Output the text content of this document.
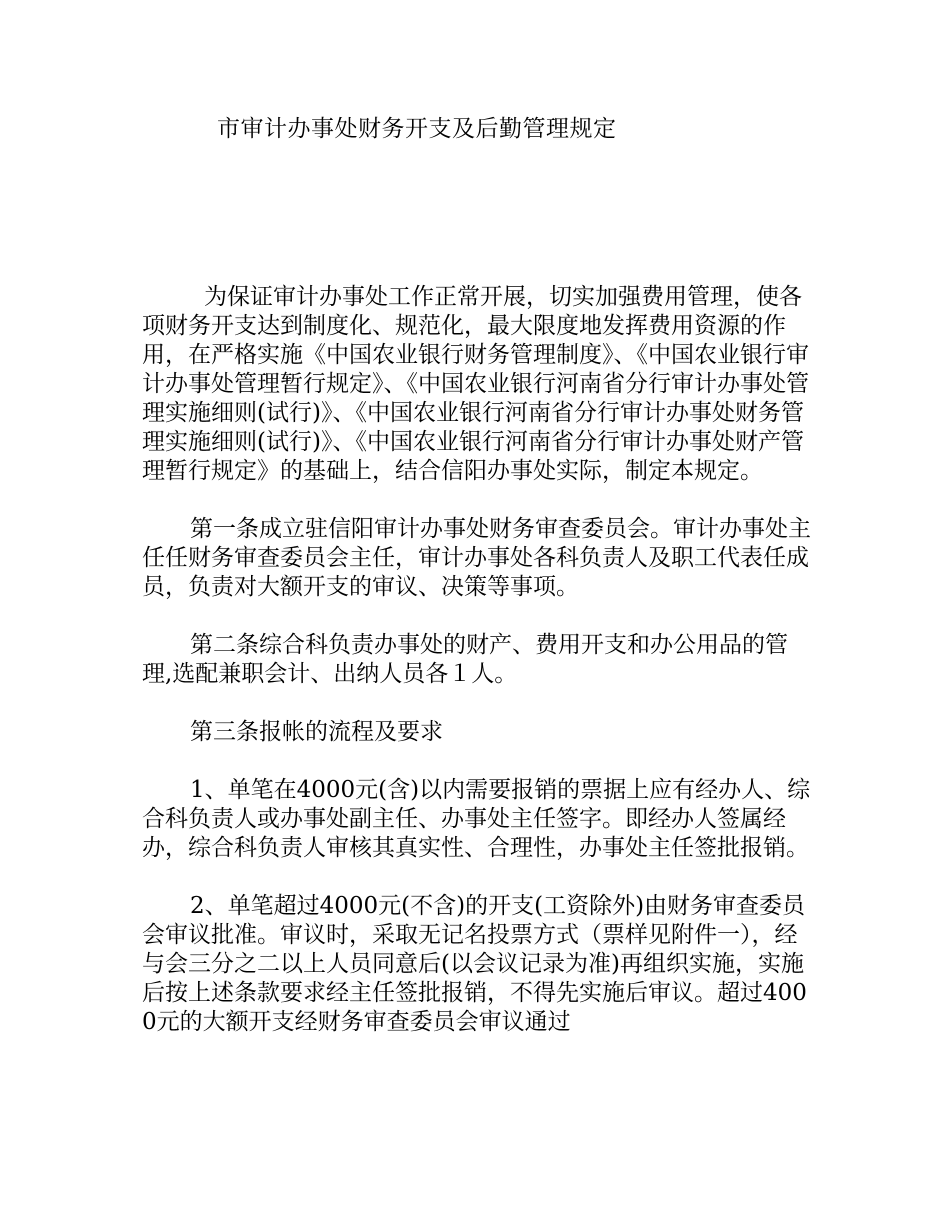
市审计办事处财务开支及后勤管理规定

为保证审计办事处工作正常开展，切实加强费用管理，使各项财务开支达到制度化、规范化，最大限度地发挥费用资源的作用，在严格实施《中国农业银行财务管理制度》、《中国农业银行审计办事处管理暂行规定》、《中国农业银行河南省分行审计办事处管理实施细则(试行)》、《中国农业银行河南省分行审计办事处财务管理实施细则(试行)》、《中国农业银行河南省分行审计办事处财产管理暂行规定》的基础上，结合信阳办事处实际，制定本规定。

第一条成立驻信阳审计办事处财务审查委员会。审计办事处主任任财务审查委员会主任，审计办事处各科负责人及职工代表任成员，负责对大额开支的审议、决策等事项。

第二条综合科负责办事处的财产、费用开支和办公用品的管理,选配兼职会计、出纳人员各１人。

第三条报帐的流程及要求

1、单笔在4000元(含)以内需要报销的票据上应有经办人、综合科负责人或办事处副主任、办事处主任签字。即经办人签属经办，综合科负责人审核其真实性、合理性，办事处主任签批报销。

2、单笔超过4000元(不含)的开支(工资除外)由财务审查委员会审议批准。审议时，采取无记名投票方式（票样见附件一），经与会三分之二以上人员同意后(以会议记录为准)再组织实施，实施后按上述条款要求经主任签批报销，不得先实施后审议。超过4000元的大额开支经财务审查委员会审议通过
